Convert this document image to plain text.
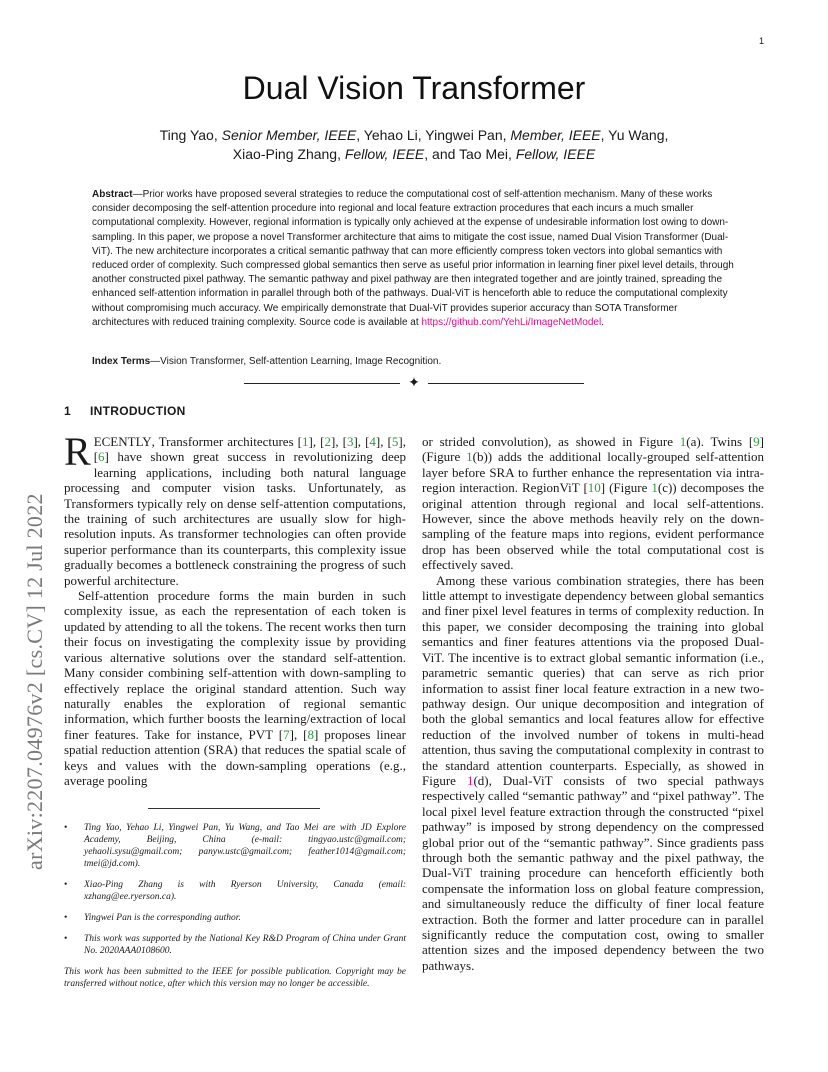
1
arXiv:2207.04976v2 [cs.CV] 12 Jul 2022
Dual Vision Transformer
Ting Yao, Senior Member, IEEE, Yehao Li, Yingwei Pan, Member, IEEE, Yu Wang,
Xiao-Ping Zhang, Fellow, IEEE, and Tao Mei, Fellow, IEEE
Abstract—Prior works have proposed several strategies to reduce the computational cost of self-attention mechanism. Many of these works consider decomposing the self-attention procedure into regional and local feature extraction procedures that each incurs a much smaller computational complexity. However, regional information is typically only achieved at the expense of undesirable information lost owing to down-sampling. In this paper, we propose a novel Transformer architecture that aims to mitigate the cost issue, named Dual Vision Transformer (Dual-ViT). The new architecture incorporates a critical semantic pathway that can more efficiently compress token vectors into global semantics with reduced order of complexity. Such compressed global semantics then serve as useful prior information in learning finer pixel level details, through another constructed pixel pathway. The semantic pathway and pixel pathway are then integrated together and are jointly trained, spreading the enhanced self-attention information in parallel through both of the pathways. Dual-ViT is henceforth able to reduce the computational complexity without compromising much accuracy. We empirically demonstrate that Dual-ViT provides superior accuracy than SOTA Transformer architectures with reduced training complexity. Source code is available at https://github.com/YehLi/ImageNetModel.
Index Terms—Vision Transformer, Self-attention Learning, Image Recognition.
✦
1 INTRODUCTION

RECENTLY, Transformer architectures [1], [2], [3], [4], [5], [6] have shown great success in revolutionizing deep learning applications, including both natural language processing and computer vision tasks. Unfortunately, as Transformers typically rely on dense self-attention computations, the training of such architectures are usually slow for high-resolution inputs. As transformer technologies can often provide superior performance than its counterparts, this complexity issue gradually becomes a bottleneck constraining the progress of such powerful architecture.

Self-attention procedure forms the main burden in such complexity issue, as each the representation of each token is updated by attending to all the tokens. The recent works then turn their focus on investigating the complexity issue by providing various alternative solutions over the standard self-attention. Many consider combining self-attention with down-sampling to effectively replace the original standard attention. Such way naturally enables the exploration of regional semantic information, which further boosts the learning/extraction of local finer features. Take for instance, PVT [7], [8] proposes linear spatial reduction attention (SRA) that reduces the spatial scale of keys and values with the down-sampling operations (e.g., average pooling

or strided convolution), as showed in Figure 1(a). Twins [9] (Figure 1(b)) adds the additional locally-grouped self-attention layer before SRA to further enhance the representation via intra-region interaction. RegionViT [10] (Figure 1(c)) decomposes the original attention through regional and local self-attentions. However, since the above methods heavily rely on the down-sampling of the feature maps into regions, evident performance drop has been observed while the total computational cost is effectively saved.

Among these various combination strategies, there has been little attempt to investigate dependency between global semantics and finer pixel level features in terms of complexity reduction. In this paper, we consider decomposing the training into global semantics and finer features attentions via the proposed Dual-ViT. The incentive is to extract global semantic information (i.e., parametric semantic queries) that can serve as rich prior information to assist finer local feature extraction in a new two-pathway design. Our unique decomposition and integration of both the global semantics and local features allow for effective reduction of the involved number of tokens in multi-head attention, thus saving the computational complexity in contrast to the standard attention counterparts. Especially, as showed in Figure 1(d), Dual-ViT consists of two special pathways respectively called “semantic pathway” and “pixel pathway”. The local pixel level feature extraction through the constructed “pixel pathway” is imposed by strong dependency on the compressed global prior out of the “semantic pathway”. Since gradients pass through both the semantic pathway and the pixel pathway, the Dual-ViT training procedure can henceforth efficiently both compensate the information loss on global feature compression, and simultaneously reduce the difficulty of finer local feature extraction. Both the former and latter procedure can in parallel significantly reduce the computation cost, owing to smaller attention sizes and the imposed dependency between the two pathways.

• Ting Yao, Yehao Li, Yingwei Pan, Yu Wang, and Tao Mei are with JD Explore Academy, Beijing, China (e-mail: tingyao.ustc@gmail.com; yehaoli.sysu@gmail.com; panyw.ustc@gmail.com; feather1014@gmail.com; tmei@jd.com).
• Xiao-Ping Zhang is with Ryerson University, Canada (email: xzhang@ee.ryerson.ca).
• Yingwei Pan is the corresponding author.
• This work was supported by the National Key R&D Program of China under Grant No. 2020AAA0108600.
This work has been submitted to the IEEE for possible publication. Copyright may be transferred without notice, after which this version may no longer be accessible.
